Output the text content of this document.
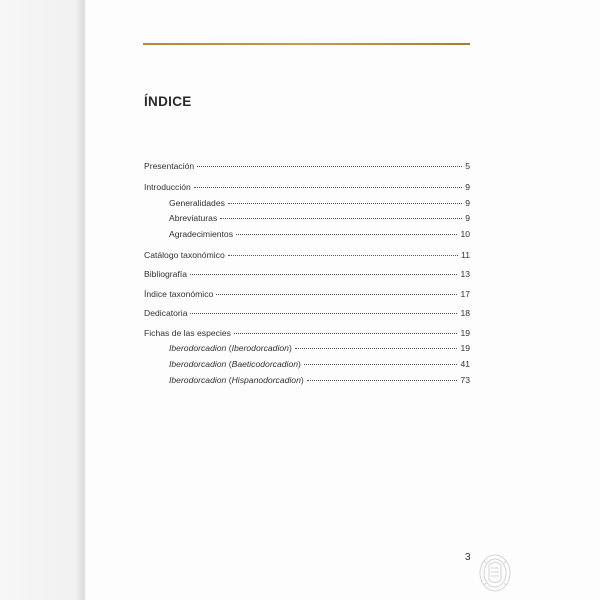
ÍNDICE
Presentación	5
Introducción	9
Generalidades	9
Abreviaturas	9
Agradecimientos	10
Catálogo taxonómico	11
Bibliografía	13
Índice taxonómico	17
Dedicatoria	18
Fichas de las especies	19
Iberodorcadion (Iberodorcadion)	19
Iberodorcadion (Baeticodorcadion)	41
Iberodorcadion (Hispanodorcadion)	73
3
